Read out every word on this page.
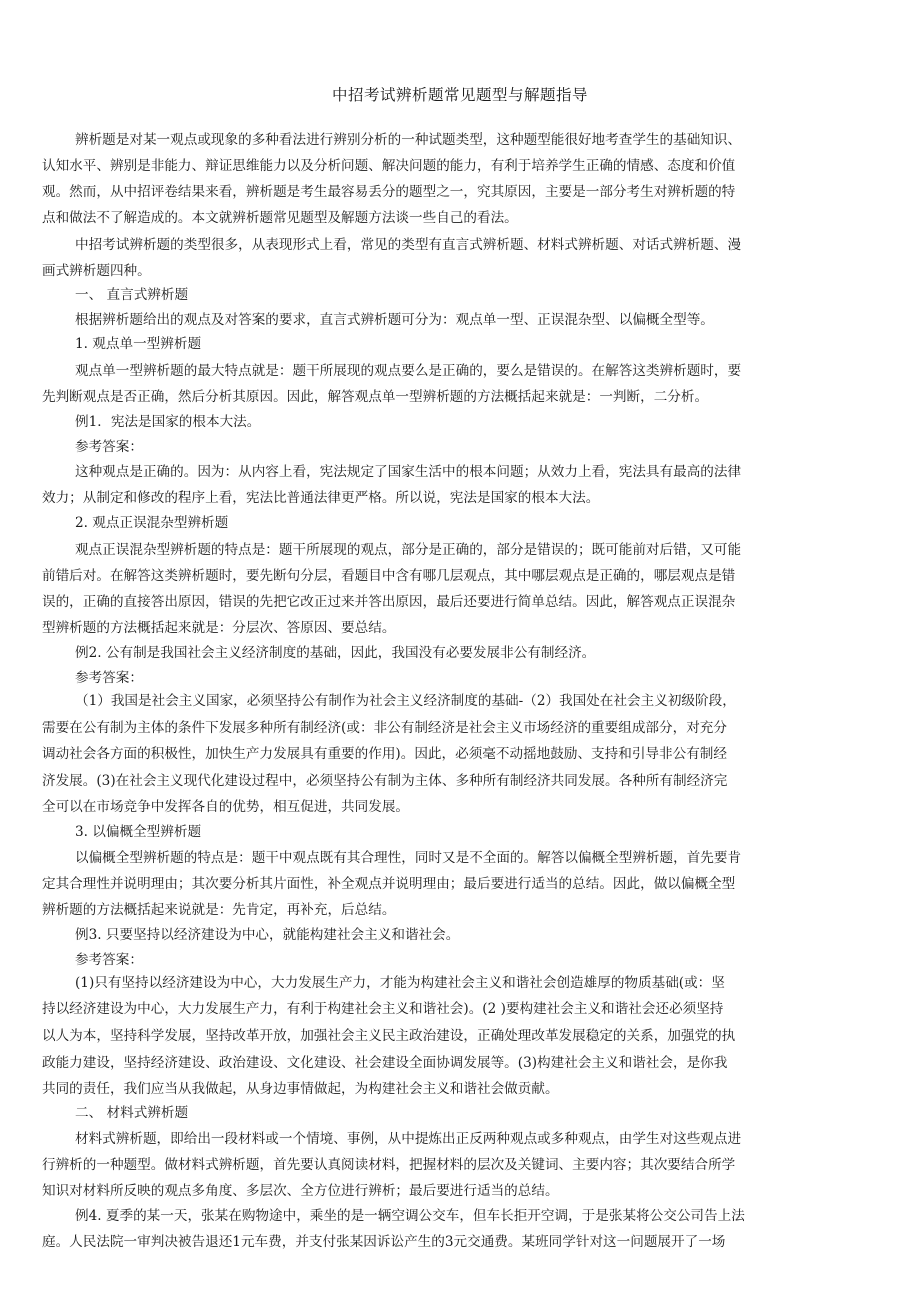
中招考试辨析题常见题型与解题指导
辨析题是对某一观点或现象的多种看法进行辨别分析的一种试题类型，这种题型能很好地考查学生的基础知识、
认知水平、辨别是非能力、辩证思维能力以及分析问题、解决问题的能力，有利于培养学生正确的情感、态度和价值
观。然而，从中招评卷结果来看，辨析题是考生最容易丢分的题型之一，究其原因，主要是一部分考生对辨析题的特
点和做法不了解造成的。本文就辨析题常见题型及解题方法谈一些自己的看法。
中招考试辨析题的类型很多，从表现形式上看，常见的类型有直言式辨析题、材料式辨析题、对话式辨析题、漫
画式辨析题四种。
一、 直言式辨析题
根据辨析题给出的观点及对答案的要求，直言式辨析题可分为：观点单一型、正误混杂型、以偏概全型等。
1. 观点单一型辨析题
观点单一型辨析题的最大特点就是：题干所展现的观点要么是正确的，要么是错误的。在解答这类辨析题时，要
先判断观点是否正确，然后分析其原因。因此，解答观点单一型辨析题的方法概括起来就是：一判断，二分析。
例1．宪法是国家的根本大法。
参考答案：
这种观点是正确的。因为：从内容上看，宪法规定了国家生活中的根本问题；从效力上看，宪法具有最高的法律
效力；从制定和修改的程序上看，宪法比普通法律更严格。所以说，宪法是国家的根本大法。
2. 观点正误混杂型辨析题
观点正误混杂型辨析题的特点是：题干所展现的观点，部分是正确的，部分是错误的；既可能前对后错，又可能
前错后对。在解答这类辨析题时，要先断句分层，看题目中含有哪几层观点，其中哪层观点是正确的，哪层观点是错
误的，正确的直接答出原因，错误的先把它改正过来并答出原因，最后还要进行简单总结。因此，解答观点正误混杂
型辨析题的方法概括起来就是：分层次、答原因、要总结。
例2. 公有制是我国社会主义经济制度的基础，因此，我国没有必要发展非公有制经济。
参考答案：
（1）我国是社会主义国家，必须坚持公有制作为社会主义经济制度的基础-（2）我国处在社会主义初级阶段，
需要在公有制为主体的条件下发展多种所有制经济(或：非公有制经济是社会主义市场经济的重要组成部分，对充分
调动社会各方面的积极性，加快生产力发展具有重要的作用)。因此，必须毫不动摇地鼓励、支持和引导非公有制经
济发展。(3)在社会主义现代化建设过程中，必须坚持公有制为主体、多种所有制经济共同发展。各种所有制经济完
全可以在市场竞争中发挥各自的优势，相互促进，共同发展。
3. 以偏概全型辨析题
以偏概全型辨析题的特点是：题干中观点既有其合理性，同时又是不全面的。解答以偏概全型辨析题，首先要肯
定其合理性并说明理由；其次要分析其片面性，补全观点并说明理由；最后要进行适当的总结。因此，做以偏概全型
辨析题的方法概括起来说就是：先肯定，再补充，后总结。
例3. 只要坚持以经济建设为中心，就能构建社会主义和谐社会。
参考答案：
(1)只有坚持以经济建设为中心，大力发展生产力，才能为构建社会主义和谐社会创造雄厚的物质基础(或：坚
持以经济建设为中心，大力发展生产力，有利于构建社会主义和谐社会)。(2 )要构建社会主义和谐社会还必须坚持
以人为本，坚持科学发展，坚持改革开放，加强社会主义民主政治建设，正确处理改革发展稳定的关系，加强党的执
政能力建设，坚持经济建设、政治建设、文化建设、社会建设全面协调发展等。(3)构建社会主义和谐社会，是你我
共同的责任，我们应当从我做起，从身边事情做起，为构建社会主义和谐社会做贡献。
二、 材料式辨析题
材料式辨析题，即给出一段材料或一个情境、事例，从中提炼出正反两种观点或多种观点，由学生对这些观点进
行辨析的一种题型。做材料式辨析题，首先要认真阅读材料，把握材料的层次及关键词、主要内容；其次要结合所学
知识对材料所反映的观点多角度、多层次、全方位进行辨析；最后要进行适当的总结。
例4. 夏季的某一天，张某在购物途中，乘坐的是一辆空调公交车，但车长拒开空调，于是张某将公交公司告上法
庭。人民法院一审判决被告退还1元车费，并支付张某因诉讼产生的3元交通费。某班同学针对这一问题展开了一场
